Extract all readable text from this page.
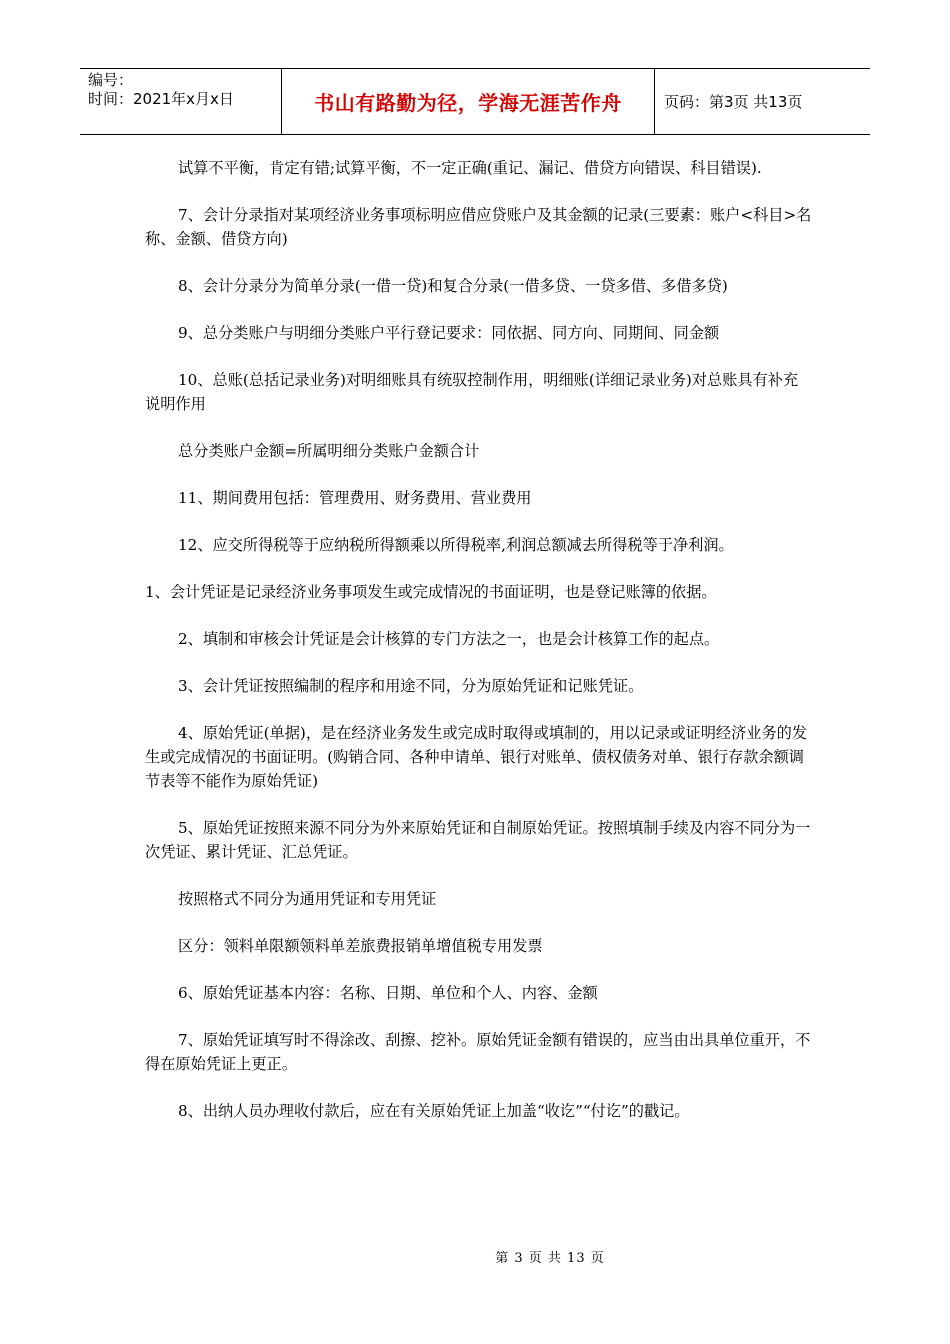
编号：
时间：2021年x月x日	书山有路勤为径，学海无涯苦作舟	页码：第3页 共13页

试算不平衡，肯定有错;试算平衡，不一定正确(重记、漏记、借贷方向错误、科目错误).

7、会计分录指对某项经济业务事项标明应借应贷账户及其金额的记录(三要素：账户<科目>名称、金额、借贷方向)

8、会计分录分为简单分录(一借一贷)和复合分录(一借多贷、一贷多借、多借多贷)

9、总分类账户与明细分类账户平行登记要求：同依据、同方向、同期间、同金额

10、总账(总括记录业务)对明细账具有统驭控制作用，明细账(详细记录业务)对总账具有补充说明作用

总分类账户金额=所属明细分类账户金额合计

11、期间费用包括：管理费用、财务费用、营业费用

12、应交所得税等于应纳税所得额乘以所得税率,利润总额减去所得税等于净利润。

1、会计凭证是记录经济业务事项发生或完成情况的书面证明，也是登记账簿的依据。

2、填制和审核会计凭证是会计核算的专门方法之一，也是会计核算工作的起点。

3、会计凭证按照编制的程序和用途不同，分为原始凭证和记账凭证。

4、原始凭证(单据)，是在经济业务发生或完成时取得或填制的，用以记录或证明经济业务的发生或完成情况的书面证明。(购销合同、各种申请单、银行对账单、债权债务对单、银行存款余额调节表等不能作为原始凭证)

5、原始凭证按照来源不同分为外来原始凭证和自制原始凭证。按照填制手续及内容不同分为一次凭证、累计凭证、汇总凭证。

按照格式不同分为通用凭证和专用凭证

区分：领料单限额领料单差旅费报销单增值税专用发票

6、原始凭证基本内容：名称、日期、单位和个人、内容、金额

7、原始凭证填写时不得涂改、刮擦、挖补。原始凭证金额有错误的，应当由出具单位重开，不得在原始凭证上更正。

8、出纳人员办理收付款后，应在有关原始凭证上加盖“收讫”“付讫”的戳记。

第 3 页 共 13 页
